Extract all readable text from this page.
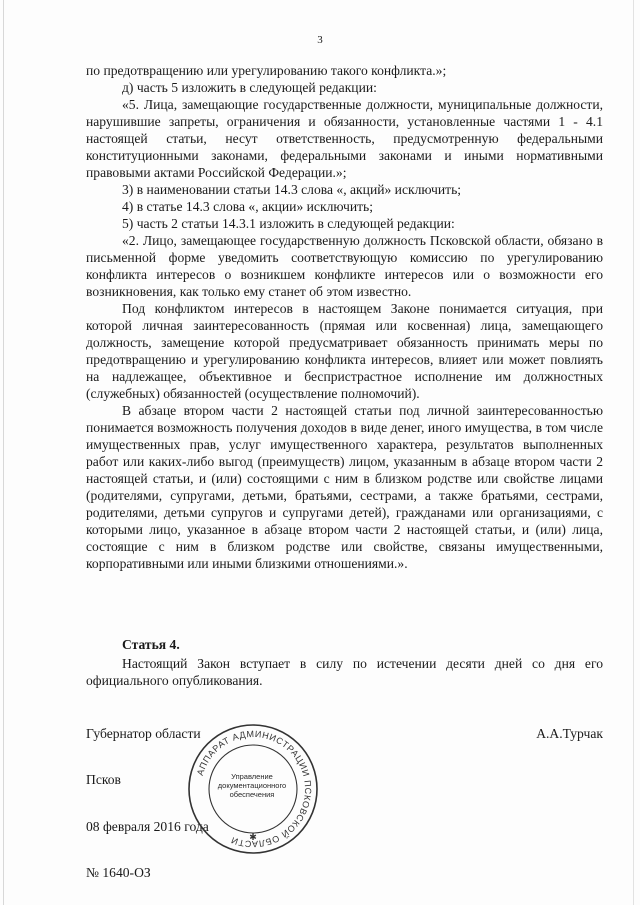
3

по предотвращению или урегулированию такого конфликта.»;

д) часть 5 изложить в следующей редакции:

«5. Лица, замещающие государственные должности, муниципальные должности, нарушившие запреты, ограничения и обязанности, установленные частями 1 - 4.1 настоящей статьи, несут ответственность, предусмотренную федеральными конституционными законами, федеральными законами и иными нормативными правовыми актами Российской Федерации.»;

3) в наименовании статьи 14.3 слова «, акций» исключить;

4) в статье 14.3 слова «, акции» исключить;

5) часть 2 статьи 14.3.1 изложить в следующей редакции:

«2. Лицо, замещающее государственную должность Псковской области, обязано в письменной форме уведомить соответствующую комиссию по урегулированию конфликта интересов о возникшем конфликте интересов или о возможности его возникновения, как только ему станет об этом известно.

Под конфликтом интересов в настоящем Законе понимается ситуация, при которой личная заинтересованность (прямая или косвенная) лица, замещающего должность, замещение которой предусматривает обязанность принимать меры по предотвращению и урегулированию конфликта интересов, влияет или может повлиять на надлежащее, объективное и беспристрастное исполнение им должностных (служебных) обязанностей (осуществление полномочий).

В абзаце втором части 2 настоящей статьи под личной заинтересованностью понимается возможность получения доходов в виде денег, иного имущества, в том числе имущественных прав, услуг имущественного характера, результатов выполненных работ или каких-либо выгод (преимуществ) лицом, указанным в абзаце втором части 2 настоящей статьи, и (или) состоящими с ним в близком родстве или свойстве лицами (родителями, супругами, детьми, братьями, сестрами, а также братьями, сестрами, родителями, детьми супругов и супругами детей), гражданами или организациями, с которыми лицо, указанное в абзаце втором части 2 настоящей статьи, и (или) лица, состоящие с ним в близком родстве или свойстве, связаны имущественными, корпоративными или иными близкими отношениями.».

Статья 4.
Настоящий Закон вступает в силу по истечении десяти дней со дня его официального опубликования.
Губернатор области	А.А.Турчак
Псков
08 февраля 2016 года
№ 1640-ОЗ
АППАРАТ АДМИНИСТРАЦИИ ПСКОВСКОЙ ОБЛАСТИ	✱
Управление
документационного
обеспечения
